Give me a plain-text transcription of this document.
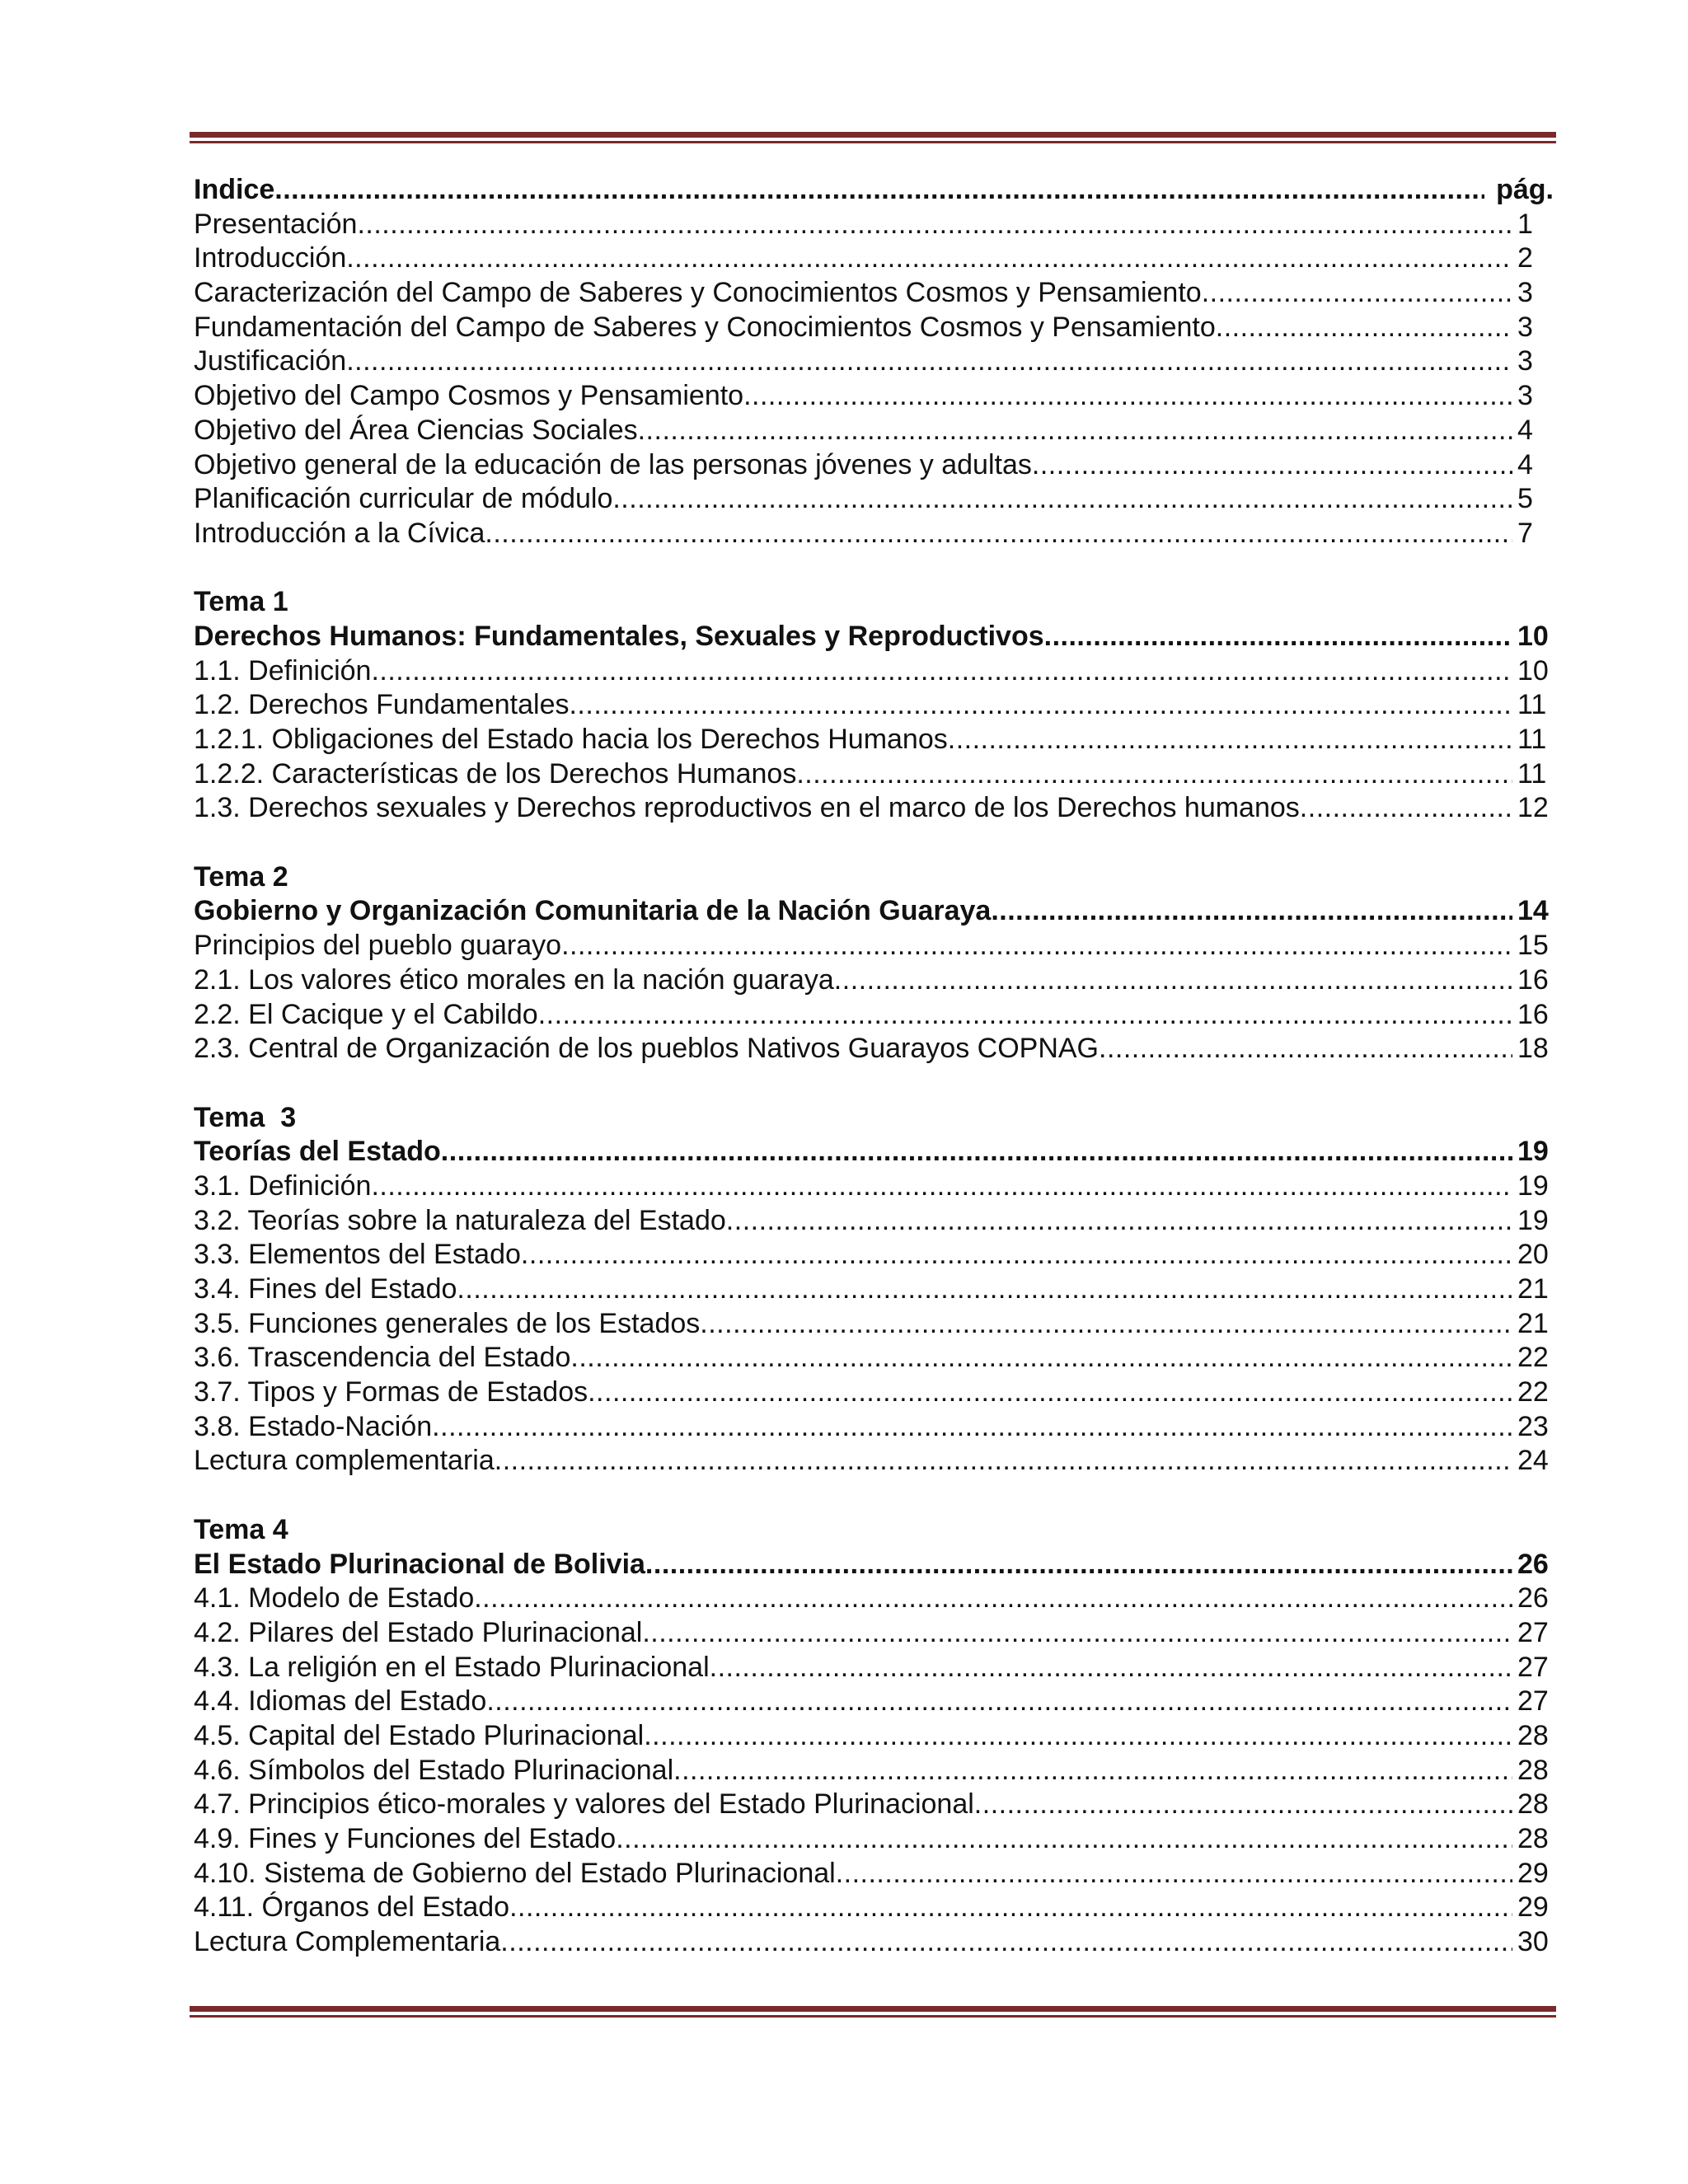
Indice .....	pág.
Presentación .....	1
Introducción .....	2
Caracterización del Campo de Saberes y Conocimientos Cosmos y Pensamiento .....	3
Fundamentación del Campo de Saberes y Conocimientos Cosmos y Pensamiento .....	3
Justificación .....	3
Objetivo del Campo Cosmos y Pensamiento .....	3
Objetivo del Área Ciencias Sociales .....	4
Objetivo general de la educación de las personas jóvenes y adultas .....	4
Planificación curricular de módulo .....	5
Introducción a la Cívica .....	7
Tema 1
Derechos Humanos: Fundamentales, Sexuales y Reproductivos .....	10
1.1. Definición .....	10
1.2. Derechos Fundamentales .....	11
1.2.1. Obligaciones del Estado hacia los Derechos Humanos .....	11
1.2.2. Características de los Derechos Humanos .....	11
1.3. Derechos sexuales y Derechos reproductivos en el marco de los Derechos humanos .....	12
Tema 2
Gobierno y Organización Comunitaria de la Nación Guaraya .....	14
Principios del pueblo guarayo .....	15
2.1. Los valores ético morales en la nación guaraya .....	16
2.2. El Cacique y el Cabildo .....	16
2.3. Central de Organización de los pueblos Nativos Guarayos COPNAG .....	18
Tema  3
Teorías del Estado .....	19
3.1. Definición .....	19
3.2. Teorías sobre la naturaleza del Estado .....	19
3.3. Elementos del Estado .....	20
3.4. Fines del Estado .....	21
3.5. Funciones generales de los Estados .....	21
3.6. Trascendencia del Estado .....	22
3.7. Tipos y Formas de Estados .....	22
3.8. Estado-Nación .....	23
Lectura complementaria .....	24
Tema 4
El Estado Plurinacional de Bolivia .....	26
4.1. Modelo de Estado .....	26
4.2. Pilares del Estado Plurinacional .....	27
4.3. La religión en el Estado Plurinacional .....	27
4.4. Idiomas del Estado .....	27
4.5. Capital del Estado Plurinacional .....	28
4.6. Símbolos del Estado Plurinacional .....	28
4.7. Principios ético-morales y valores del Estado Plurinacional .....	28
4.9. Fines y Funciones del Estado .....	28
4.10. Sistema de Gobierno del Estado Plurinacional .....	29
4.11. Órganos del Estado .....	29
Lectura Complementaria .....	30
